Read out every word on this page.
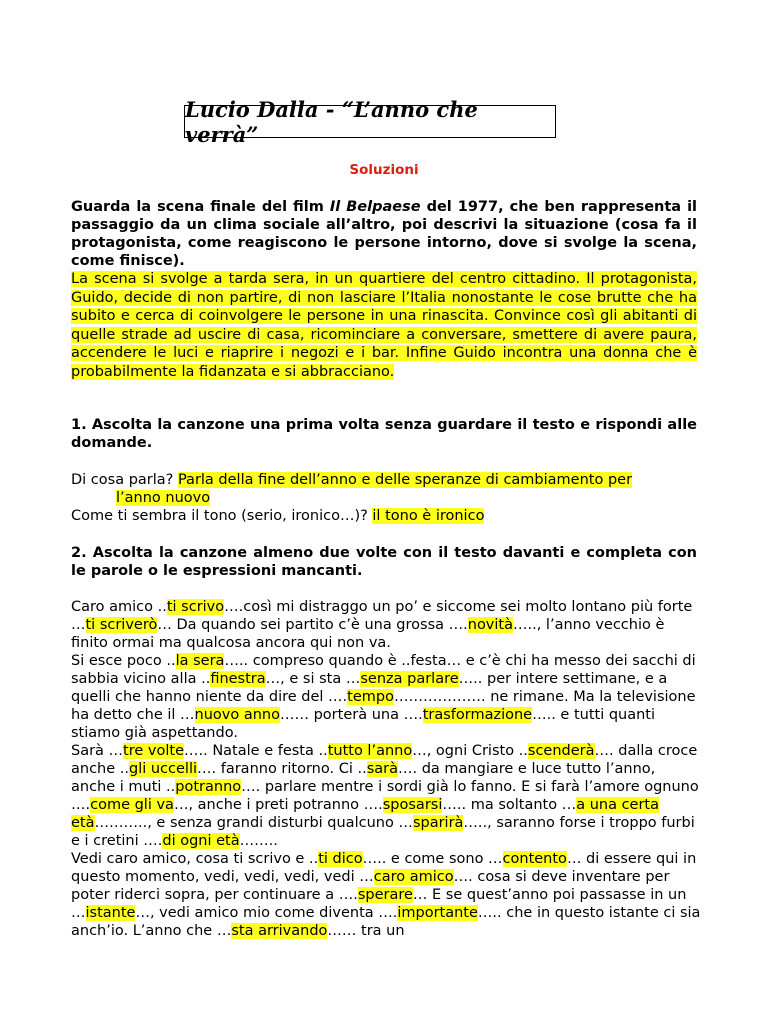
Lucio Dalla - “L’anno che verrà”
Soluzioni

Guarda la scena finale del film Il Belpaese del 1977, che ben rappresenta il passaggio da un clima sociale all’altro, poi descrivi la situazione (cosa fa il protagonista, come reagiscono le persone intorno, dove si svolge la scena, come finisce).

La scena si svolge a tarda sera, in un quartiere del centro cittadino. Il protagonista, Guido, decide di non partire, di non lasciare l’Italia nonostante le cose brutte che ha subito e cerca di coinvolgere le persone in una rinascita. Convince così gli abitanti di quelle strade ad uscire di casa, ricominciare a conversare, smettere di avere paura, accendere le luci e riaprire i negozi e i bar. Infine Guido incontra una donna che è probabilmente la fidanzata e si abbracciano.

1. Ascolta la canzone una prima volta senza guardare il testo e rispondi alle domande.

Di cosa parla? Parla della fine dell’anno e delle speranze di cambiamento per

l’anno nuovo

Come ti sembra il tono (serio, ironico…)? il tono è ironico

2. Ascolta la canzone almeno due volte con il testo davanti e completa con le parole o le espressioni mancanti.

Caro amico ..ti scrivo….così mi distraggo un po’ e siccome sei molto lontano più forte …ti scriverò… Da quando sei partito c’è una grossa ….novità….., l’anno vecchio è finito ormai ma qualcosa ancora qui non va.
Si esce poco ..la sera….. compreso quando è ..festa… e c’è chi ha messo dei sacchi di sabbia vicino alla ..finestra…, e si sta …senza parlare….. per intere settimane, e a quelli che hanno niente da dire del ….tempo………………. ne rimane. Ma la televisione ha detto che il …nuovo anno…… porterà una ….trasformazione….. e tutti quanti stiamo già aspettando.
Sarà …tre volte….. Natale e festa ..tutto l’anno…, ogni Cristo ..scenderà…. dalla croce anche ..gli uccelli…. faranno ritorno. Ci ..sarà…. da mangiare e luce tutto l’anno, anche i muti ..potranno…. parlare mentre i sordi già lo fanno. E si farà l’amore ognuno ….come gli va…, anche i preti potranno ….sposarsi….. ma soltanto …a una certa età……….., e senza grandi disturbi qualcuno …sparirà….., saranno forse i troppo furbi e i cretini ….di ogni età……..
Vedi caro amico, cosa ti scrivo e ..ti dico….. e come sono …contento… di essere qui in questo momento, vedi, vedi, vedi, vedi …caro amico…. cosa si deve inventare per poter riderci sopra, per continuare a ….sperare… E se quest’anno poi passasse in un …istante…, vedi amico mio come diventa ….importante….. che in questo istante ci sia anch’io. L’anno che …sta arrivando…… tra un
